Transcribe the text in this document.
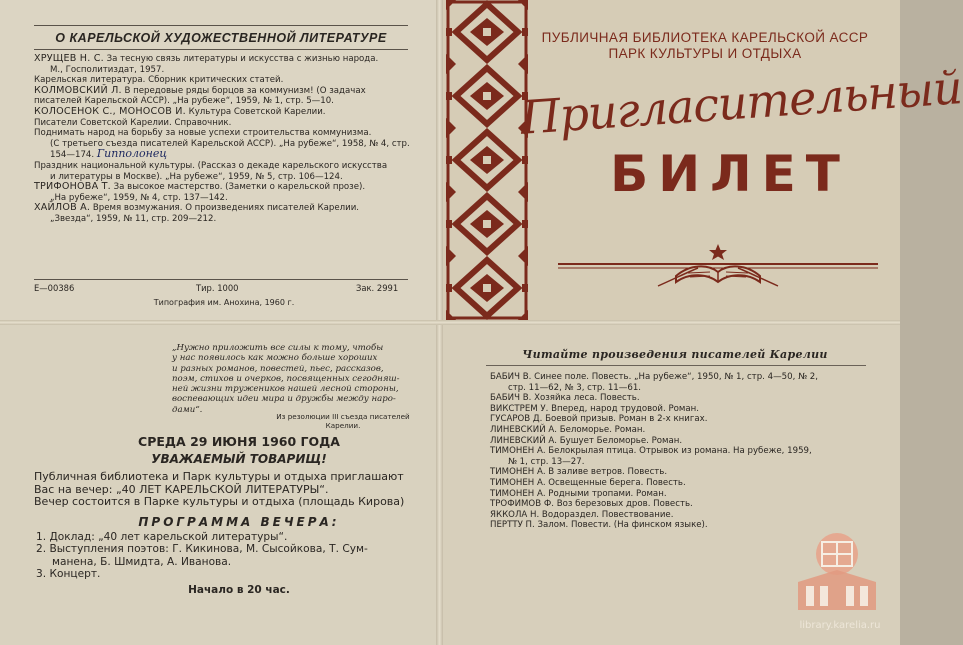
О КАРЕЛЬСКОЙ ХУДОЖЕСТВЕННОЙ ЛИТЕРАТУРЕ
ХРУЩЕВ Н. С. За тесную связь литературы и искусства с жизнью народа.
М., Госполитиздат, 1957.
Карельская литература. Сборник критических статей.
КОЛМОВСКИЙ Л. В передовые ряды борцов за коммунизм! (О задачах писателей Карельской АССР). „На рубеже“, 1959, № 1, стр. 5—10.
КОЛОСЕНОК С., МОНОСОВ И. Культура Советской Карелии.
Писатели Советской Карелии. Справочник.
Поднимать народ на борьбу за новые успехи строительства коммунизма.
(С третьего съезда писателей Карельской АССР). „На рубеже“, 1958, № 4, стр. 154—174. Гипполонец
Праздник национальной культуры. (Рассказ о декаде карельского искусства
и литературы в Москве). „На рубеже“, 1959, № 5, стр. 106—124.
ТРИФОНОВА Т. За высокое мастерство. (Заметки о карельской прозе).
„На рубеже“, 1959, № 4, стр. 137—142.
ХАЙЛОВ А. Время возмужания. О произведениях писателей Карелии.
„Звезда“, 1959, № 11, стр. 209—212.
Е—00386	Тир. 1000	Зак. 2991
Типография им. Анохина, 1960 г.
ПУБЛИЧНАЯ БИБЛИОТЕКА КАРЕЛЬСКОЙ АССР
ПАРК КУЛЬТУРЫ И ОТДЫХА
Пригласительный
БИЛЕТ
„Нужно приложить все силы к тому, чтобы
у нас появилось как можно больше хороших
и разных романов, повестей, пьес, рассказов,
поэм, стихов и очерков, посвященных сегодняш-
ней жизни тружеников нашей лесной стороны,
воспевающих идеи мира и дружбы между наро-
дами“.
Из резолюции III съезда писателей
Карелии.
СРЕДА 29 ИЮНЯ 1960 ГОДА
УВАЖАЕМЫЙ ТОВАРИЩ!
Публичная библиотека и Парк культуры и отдыха приглашают
Вас на вечер: „40 ЛЕТ КАРЕЛЬСКОЙ ЛИТЕРАТУРЫ“.
Вечер состоится в Парке культуры и отдыха (площадь Кирова)
ПРОГРАММА ВЕЧЕРА:
1. Доклад: „40 лет карельской литературы“.
2. Выступления поэтов: Г. Кикинова, М. Сысойкова, Т. Сум-
манена, Б. Шмидта, А. Иванова.
3. Концерт.
Начало в 20 час.
Читайте произведения писателей Карелии
БАБИЧ В. Синее поле. Повесть. „На рубеже“, 1950, № 1, стр. 4—50, № 2,
стр. 11—62, № 3, стр. 11—61.
БАБИЧ В. Хозяйка леса. Повесть.
ВИКСТРЕМ У. Вперед, народ трудовой. Роман.
ГУСАРОВ Д. Боевой призыв. Роман в 2-х книгах.
ЛИНЕВСКИЙ А. Беломорье. Роман.
ЛИНЕВСКИЙ А. Бушует Беломорье. Роман.
ТИМОНЕН А. Белокрылая птица. Отрывок из романа. На рубеже, 1959,
№ 1, стр. 13—27.
ТИМОНЕН А. В заливе ветров. Повесть.
ТИМОНЕН А. Освещенные берега. Повесть.
ТИМОНЕН А. Родными тропами. Роман.
ТРОФИМОВ Ф. Воз березовых дров. Повесть.
ЯККОЛА Н. Водораздел. Повествование.
ПЕРТТУ П. Залом. Повести. (На финском языке).
library.karelia.ru
